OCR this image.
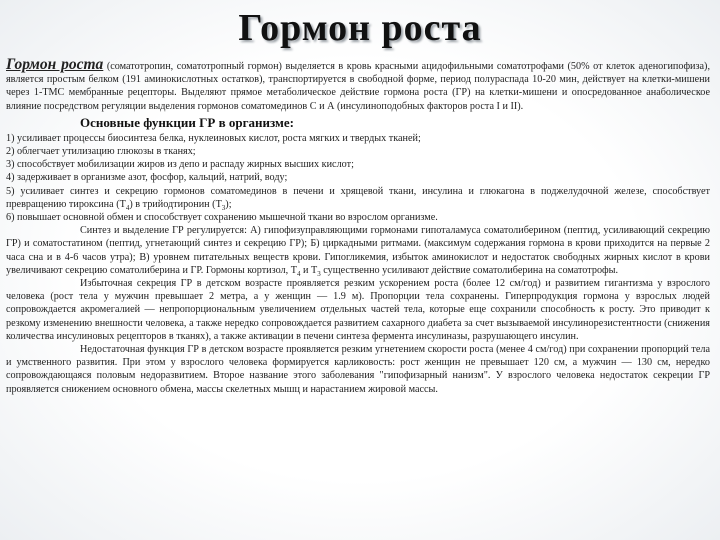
Гормон роста

Гормон роста (соматотропин, соматотропный гормон) выделяется в кровь красными ацидофильными соматотрофами (50% от клеток аденогипофиза), является простым белком (191 аминокислотных остатков), транспортируется в свободной форме, период полураспада 10-20 мин, действует на клетки-мишени через 1-ТМС мембранные рецепторы. Выделяют прямое метаболическое действие гормона роста (ГР) на клетки-мишени и опосредованное анаболическое влияние посредством регуляции выделения гормонов соматомединов С и А (инсулиноподобных факторов роста I и II).

Основные функции ГР в организме:

1) усиливает процессы биосинтеза белка, нуклеиновых кислот, роста мягких и твердых тканей;

2) облегчает утилизацию глюкозы в тканях;

3) способствует мобилизации жиров из депо и распаду жирных высших кислот;

4) задерживает в организме азот, фосфор, кальций, натрий, воду;

5) усиливает синтез и секрецию гормонов соматомединов в печени и хрящевой ткани, инсулина и глюкагона в поджелудочной железе, способствует превращению тироксина $(Т_4)$ в трийодтиронин $(Т_3)$;

6) повышает основной обмен и способствует сохранению мышечной ткани во взрослом организме.

Синтез и выделение ГР регулируется: А) гипофизуправляющими гормонами гипоталамуса соматолиберином (пептид, усиливающий секрецию ГР) и соматостатином (пептид, угнетающий синтез и секрецию ГР); Б) циркадными ритмами. (максимум содержания гормона в крови приходится на первые 2 часа сна и в 4-6 часов утра); В) уровнем питательных веществ крови. Гипогликемия, избыток аминокислот и недостаток свободных жирных кислот в крови увеличивают секрецию соматолиберина и ГР. Гормоны кортизол, $Т_4$ и $Т_3$ существенно усиливают действие соматолиберина на соматотрофы.

Избыточная секреция ГР в детском возрасте проявляется резким ускорением роста (более 12 см/год) и развитием гигантизма у взрослого человека (рост тела у мужчин превышает 2 метра, а у женщин — 1.9 м). Пропорции тела сохранены. Гиперпродукция гормона у взрослых людей сопровождается акромегалией — непропорциональным увеличением отдельных частей тела, которые еще сохранили способность к росту. Это приводит к резкому изменению внешности человека, а также нередко сопровождается развитием сахарного диабета за счет вызываемой инсулинорезистентности (снижения количества инсулиновых рецепторов в тканях), а также активации в печени синтеза фермента инсулиназы, разрушающего инсулин.

Недостаточная функция ГР в детском возрасте проявляется резким угнетением скорости роста (менее 4 см/год) при сохранении пропорций тела и умственного развития. При этом у взрослого человека формируется карликовость: рост женщин не превышает 120 см, а мужчин — 130 см, нередко сопровождающаяся половым недоразвитием. Второе название этого заболевания "гипофизарный нанизм". У взрослого человека недостаток секреции ГР проявляется снижением основного обмена, массы скелетных мышц и нарастанием жировой массы.
